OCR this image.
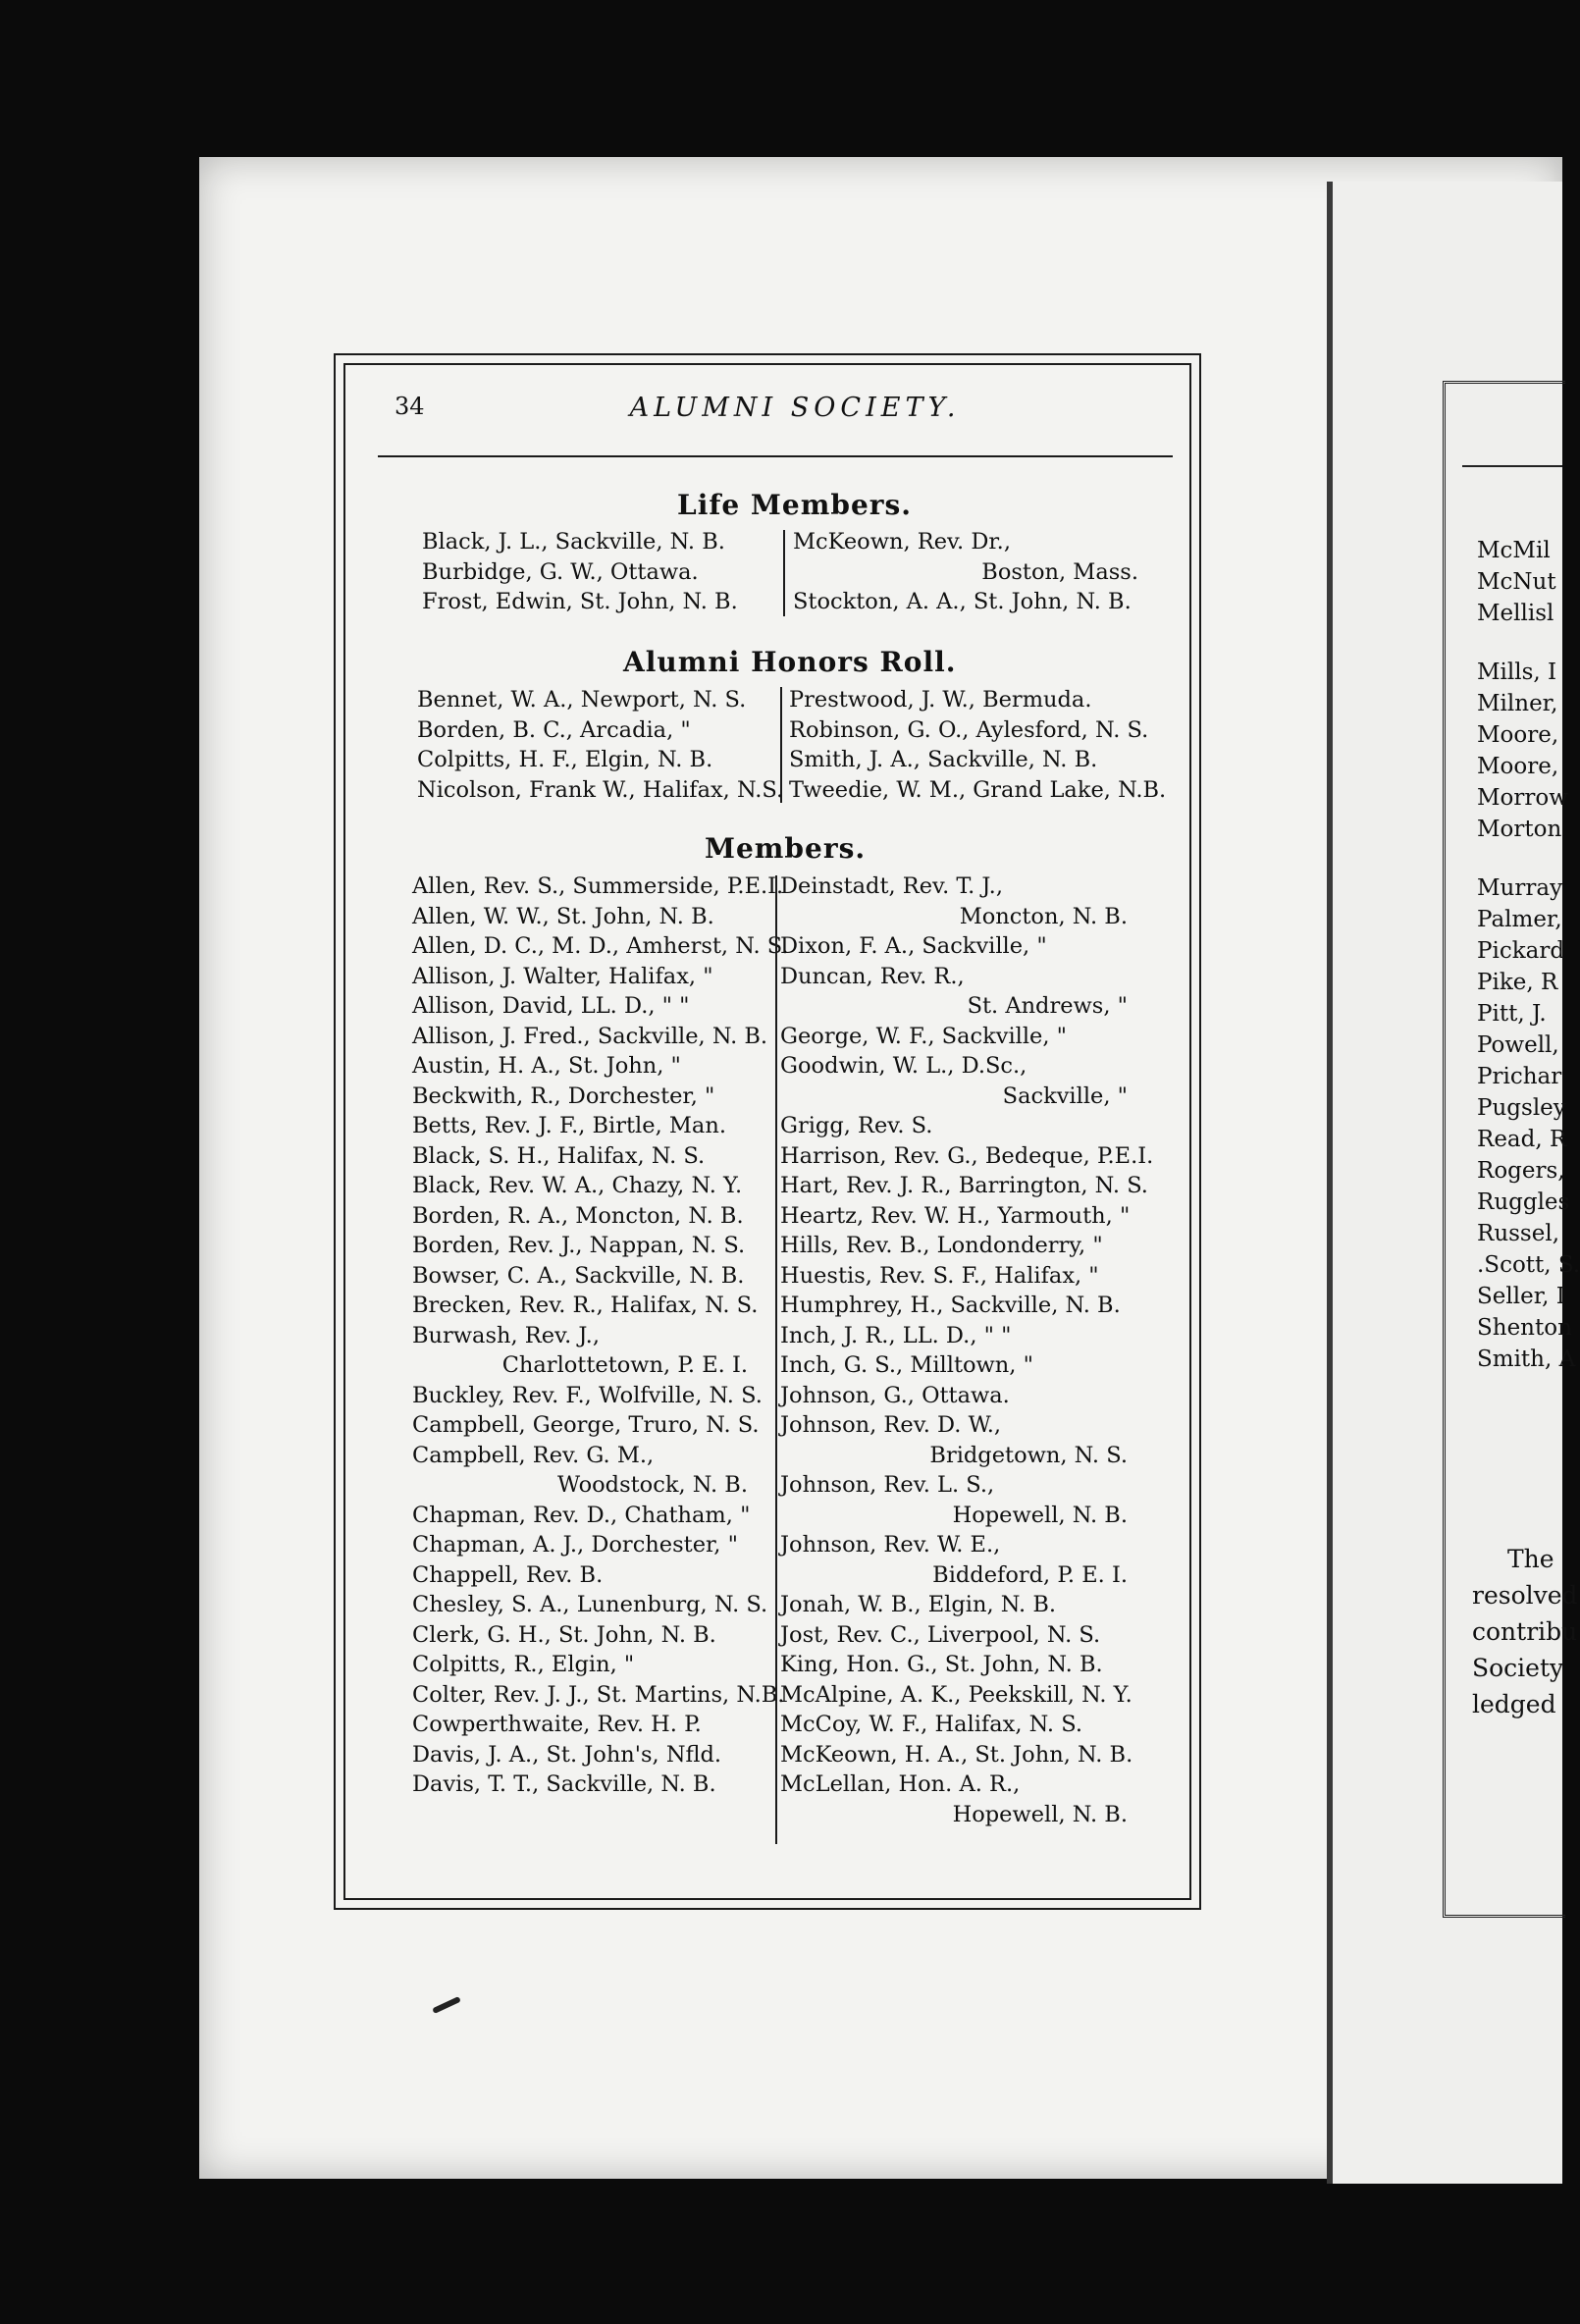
34	ALUMNI SOCIETY.
Life Members.
Black, J. L., Sackville, N. B.
Burbidge, G. W., Ottawa.
Frost, Edwin, St. John, N. B.
McKeown, Rev. Dr.,
Boston, Mass.
Stockton, A. A., St. John, N. B.
Alumni Honors Roll.
Bennet, W. A., Newport, N. S.
Borden, B. C., Arcadia, "
Colpitts, H. F., Elgin, N. B.
Nicolson, Frank W., Halifax, N.S.
Prestwood, J. W., Bermuda.
Robinson, G. O., Aylesford, N. S.
Smith, J. A., Sackville, N. B.
Tweedie, W. M., Grand Lake, N.B.
Members.
Allen, Rev. S., Summerside, P.E.I.
Allen, W. W., St. John, N. B.
Allen, D. C., M. D., Amherst, N. S.
Allison, J. Walter, Halifax, "
Allison, David, LL. D., " "
Allison, J. Fred., Sackville, N. B.
Austin, H. A., St. John, "
Beckwith, R., Dorchester, "
Betts, Rev. J. F., Birtle, Man.
Black, S. H., Halifax, N. S.
Black, Rev. W. A., Chazy, N. Y.
Borden, R. A., Moncton, N. B.
Borden, Rev. J., Nappan, N. S.
Bowser, C. A., Sackville, N. B.
Brecken, Rev. R., Halifax, N. S.
Burwash, Rev. J.,
Charlottetown, P. E. I.
Buckley, Rev. F., Wolfville, N. S.
Campbell, George, Truro, N. S.
Campbell, Rev. G. M.,
Woodstock, N. B.
Chapman, Rev. D., Chatham, "
Chapman, A. J., Dorchester, "
Chappell, Rev. B.
Chesley, S. A., Lunenburg, N. S.
Clerk, G. H., St. John, N. B.
Colpitts, R., Elgin, "
Colter, Rev. J. J., St. Martins, N.B.
Cowperthwaite, Rev. H. P.
Davis, J. A., St. John's, Nfld.
Davis, T. T., Sackville, N. B.
Deinstadt, Rev. T. J.,
Moncton, N. B.
Dixon, F. A., Sackville, "
Duncan, Rev. R.,
St. Andrews, "
George, W. F., Sackville, "
Goodwin, W. L., D.Sc.,
Sackville, "
Grigg, Rev. S.
Harrison, Rev. G., Bedeque, P.E.I.
Hart, Rev. J. R., Barrington, N. S.
Heartz, Rev. W. H., Yarmouth, "
Hills, Rev. B., Londonderry, "
Huestis, Rev. S. F., Halifax, "
Humphrey, H., Sackville, N. B.
Inch, J. R., LL. D., " "
Inch, G. S., Milltown, "
Johnson, G., Ottawa.
Johnson, Rev. D. W.,
Bridgetown, N. S.
Johnson, Rev. L. S.,
Hopewell, N. B.
Johnson, Rev. W. E.,
Biddeford, P. E. I.
Jonah, W. B., Elgin, N. B.
Jost, Rev. C., Liverpool, N. S.
King, Hon. G., St. John, N. B.
McAlpine, A. K., Peekskill, N. Y.
McCoy, W. F., Halifax, N. S.
McKeown, H. A., St. John, N. B.
McLellan, Hon. A. R.,
Hopewell, N. B.
McMil
McNut
Mellisl
Mills, I
Milner,
Moore,
Moore,
Morrow
Morton
Murray
Palmer,
Pickard
Pike, R
Pitt, J.
Powell,
Prichar
Pugsley
Read, R
Rogers,
Ruggles
Russel,
.Scott, S.
Seller, I
Shenton
Smith, A
The
resolved
contribu
Society
ledged
